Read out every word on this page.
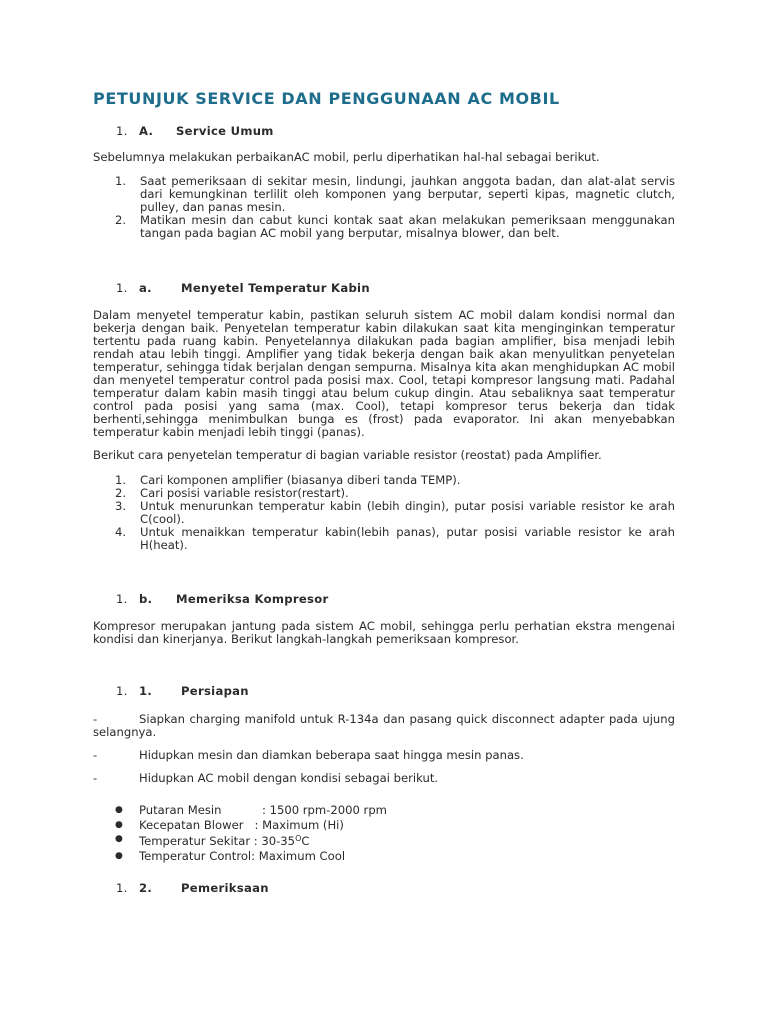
PETUNJUK SERVICE DAN PENGGUNAAN AC MOBIL
1. A. Service Umum

Sebelumnya melakukan perbaikanAC mobil, perlu diperhatikan hal-hal sebagai berikut.

1. Saat pemeriksaan di sekitar mesin, lindungi, jauhkan anggota badan, dan alat-alat servis dari kemungkinan terlilit oleh komponen yang berputar, seperti kipas, magnetic clutch, pulley, dan panas mesin.
2. Matikan mesin dan cabut kunci kontak saat akan melakukan pemeriksaan menggunakan tangan pada bagian AC mobil yang berputar, misalnya blower, dan belt.
1. a.	Menyetel Temperatur Kabin

Dalam menyetel temperatur kabin, pastikan seluruh sistem AC mobil dalam kondisi normal dan bekerja dengan baik. Penyetelan temperatur kabin dilakukan saat kita menginginkan temperatur tertentu pada ruang kabin. Penyetelannya dilakukan pada bagian amplifier, bisa menjadi lebih rendah atau lebih tinggi. Amplifier yang tidak bekerja dengan baik akan menyulitkan penyetelan temperatur, sehingga tidak berjalan dengan sempurna. Misalnya kita akan menghidupkan AC mobil dan menyetel temperatur control pada posisi max. Cool, tetapi kompresor langsung mati. Padahal temperatur dalam kabin masih tinggi atau belum cukup dingin. Atau sebaliknya saat temperatur control pada posisi yang sama (max. Cool), tetapi kompresor terus bekerja dan tidak berhenti,sehingga menimbulkan bunga es (frost) pada evaporator. Ini akan menyebabkan temperatur kabin menjadi lebih tinggi (panas).

Berikut cara penyetelan temperatur di bagian variable resistor (reostat) pada Amplifier.

1. Cari komponen amplifier (biasanya diberi tanda TEMP).
2. Cari posisi variable resistor(restart).
3. Untuk menurunkan temperatur kabin (lebih dingin), putar posisi variable resistor ke arah C(cool).
4. Untuk menaikkan temperatur kabin(lebih panas), putar posisi variable resistor ke arah H(heat).
1. b. Memeriksa Kompresor

Kompresor merupakan jantung pada sistem AC mobil, sehingga perlu perhatian ekstra mengenai kondisi dan kinerjanya. Berikut langkah-langkah pemeriksaan kompresor.

1. 1. Persiapan
-	Siapkan charging manifold untuk R-134a dan pasang quick disconnect adapter pada ujung selangnya.
-	Hidupkan mesin dan diamkan beberapa saat hingga mesin panas.
-	Hidupkan AC mobil dengan kondisi sebagai berikut.
● Putaran Mesin           : 1500 rpm-2000 rpm
● Kecepatan Blower   : Maximum (Hi)
● Temperatur Sekitar : $30-35^OC$
● Temperatur Control: Maximum Cool
1. 2. Pemeriksaan
